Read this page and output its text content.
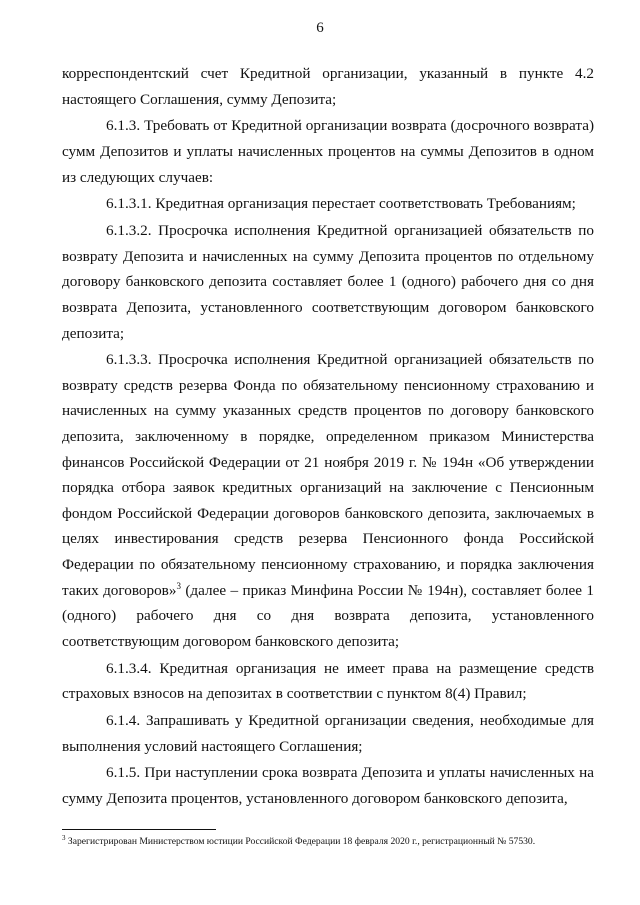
6

корреспондентский счет Кредитной организации, указанный в пункте 4.2 настоящего Соглашения, сумму Депозита;

6.1.3. Требовать от Кредитной организации возврата (досрочного возврата) сумм Депозитов и уплаты начисленных процентов на суммы Депозитов в одном из следующих случаев:

6.1.3.1. Кредитная организация перестает соответствовать Требованиям;

6.1.3.2. Просрочка исполнения Кредитной организацией обязательств по возврату Депозита и начисленных на сумму Депозита процентов по отдельному договору банковского депозита составляет более 1 (одного) рабочего дня со дня возврата Депозита, установленного соответствующим договором банковского депозита;

6.1.3.3. Просрочка исполнения Кредитной организацией обязательств по возврату средств резерва Фонда по обязательному пенсионному страхованию и начисленных на сумму указанных средств процентов по договору банковского депозита, заключенному в порядке, определенном приказом Министерства финансов Российской Федерации от 21 ноября 2019 г. № 194н «Об утверждении порядка отбора заявок кредитных организаций на заключение с Пенсионным фондом Российской Федерации договоров банковского депозита, заключаемых в целях инвестирования средств резерва Пенсионного фонда Российской Федерации по обязательному пенсионному страхованию, и порядка заключения таких договоров»$^3$ (далее – приказ Минфина России № 194н), составляет более 1 (одного) рабочего дня со дня возврата депозита, установленного соответствующим договором банковского депозита;

6.1.3.4. Кредитная организация не имеет права на размещение средств страховых взносов на депозитах в соответствии с пунктом 8(4) Правил;

6.1.4. Запрашивать у Кредитной организации сведения, необходимые для выполнения условий настоящего Соглашения;

6.1.5. При наступлении срока возврата Депозита и уплаты начисленных на сумму Депозита процентов, установленного договором банковского депозита,

$^3$ Зарегистрирован Министерством юстиции Российской Федерации 18 февраля 2020 г., регистрационный № 57530.
